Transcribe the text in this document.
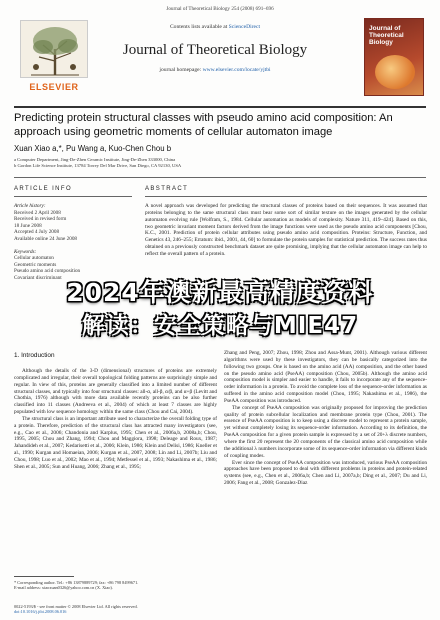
Journal of Theoretical Biology 254 (2008) 691–696
ELSEVIER
Contents lists available at ScienceDirect
Journal of Theoretical Biology
journal homepage: www.elsevier.com/locate/yjtbi
Journal of Theoretical Biology
Predicting protein structural classes with pseudo amino acid composition: An approach using geometric moments of cellular automaton image
Xuan Xiao a,*, Pu Wang a, Kuo-Chen Chou b
a Computer Department, Jing-De-Zhen Ceramic Institute, Jing-De-Zhen 333000, China
b Gordon Life Science Institute, 13784 Torrey Del Mar Drive, San Diego, CA 92130, USA
ARTICLE INFO	ABSTRACT
Article history:
Received 2 April 2008
Received in revised form
18 June 2008
Accepted 4 July 2008
Available online 24 June 2008
Keywords:
Cellular automaton
Geometric moments
Pseudo amino acid composition
Covariant discriminant
A novel approach was developed for predicting the structural classes of proteins based on their sequences. It was assumed that proteins belonging to the same structural class must bear some sort of similar texture on the images generated by the cellular automaton evolving rule [Wolfram, S., 1984. Cellular automation as models of complexity. Nature 311, 419–424]. Based on this, two geometric invariant moment factors derived from the image functions were used as the pseudo amino acid components [Chou, K.C., 2001. Prediction of protein cellular attributes using pseudo amino acid composition. Proteins: Structure, Function, and Genetics 43, 246–255; Erratum: ibid., 2001, 44, 60] to formulate the protein samples for statistical prediction. The success rates thus obtained on a previously constructed benchmark dataset are quite promising, implying that the cellular automaton image can help to reflect the overall pattern of a protein.
1. Introduction

Although the details of the 3-D (dimensional) structures of proteins are extremely complicated and irregular, their overall topological folding patterns are surprisingly simple and regular. In view of this, proteins are generally classified into a limited number of different structural classes, and typically into four structural classes: all-α, all-β, α/β, and α+β (Levitt and Chothia, 1976) although with more data available recently proteins can be also further classified into 11 classes (Andreeva et al., 2004) of which at least 7 classes are highly populated with low sequence homology within the same class (Chou and Cai, 2004).

The structural class is an important attribute used to characterize the overall folding type of a protein. Therefore, prediction of the structural class has attracted many investigators (see, e.g., Cao et al., 2006; Chandonia and Karplus, 1995; Chen et al., 2006a,b, 2008a,b; Chou, 1995, 2005; Chou and Zhang, 1994; Chou and Maggiora, 1998; Deleage and Roux, 1987; Jahandideh et al., 2007; Kedarisetti et al., 2006; Klein, 1986; Klein and Delisi, 1986; Kneller et al., 1990; Kurgan and Homaeian, 2006; Kurgan et al., 2007, 2008; Lin and Li, 2007b; Liu and Chou, 1998; Luo et al., 2002; Mao et al., 1994; Metfessel et al., 1993; Nakashima et al., 1986; Shen et al., 2005; Sun and Huang, 2006; Zhang et al., 1995;

Zhang and Peng, 2007; Zhou, 1998; Zhou and Assa-Munt, 2001). Although various different algorithms were used by these investigators, they can be basically categorized into the following two groups. One is based on the amino acid (AA) composition, and the other based on the pseudo amino acid (PseAA) composition (Chou, 2005b). Although the amino acid composition model is simpler and easier to handle, it fails to incorporate any of the sequence-order information in a protein. To avoid the complete loss of the sequence-order information as suffered in the amino acid composition model (Chou, 1995; Nakashima et al., 1986), the PseAA composition was introduced.

The concept of PseAA composition was originally proposed for improving the prediction quality of protein subcellular localization and membrane protein type (Chou, 2001). The essence of PseAA composition is to keep using a discrete model to represent a protein sample, yet without completely losing its sequence-order information. According to its definition, the PseAA composition for a given protein sample is expressed by a set of 20+λ discrete numbers, where the first 20 represent the 20 components of the classical amino acid composition while the additional λ numbers incorporate some of its sequence-order information via different kinds of coupling modes.

Ever since the concept of PseAA composition was introduced, various PseAA composition approaches have been proposed to deal with different problems in proteins and protein-related systems (see, e.g., Chen et al., 2006a,b; Chen and Li, 2007a,b; Ding et al., 2007; Du and Li, 2006; Fang et al., 2008; Gonzalez-Diaz

* Corresponding author. Tel.: +86 13879889729; fax: +86 798 8499671.
E-mail address: xiaoxuan0326@yahoo.com.cn (X. Xiao).
0022-5193/$ - see front matter © 2008 Elsevier Ltd. All rights reserved.
doi:10.1016/j.jtbi.2008.06.016
2024年澳新最高精度资料
解读：安全策略与MIE47
